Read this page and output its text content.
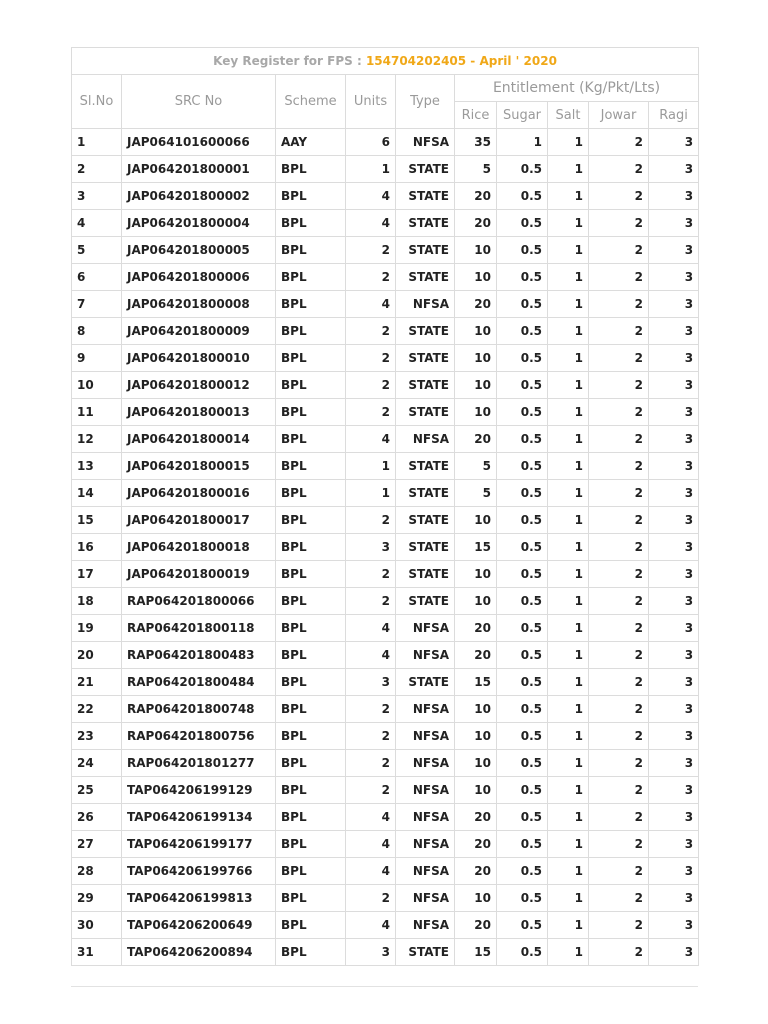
Key Register for FPS : 154704202405 - April ' 2020									
Sl.No	SRC No	Scheme	Units	Type	Entitlement (Kg/Pkt/Lts)				
					Rice	Sugar	Salt	Jowar	Ragi
1	JAP064101600066	AAY	6	NFSA	35	1	1	2	3
2	JAP064201800001	BPL	1	STATE	5	0.5	1	2	3
3	JAP064201800002	BPL	4	STATE	20	0.5	1	2	3
4	JAP064201800004	BPL	4	STATE	20	0.5	1	2	3
5	JAP064201800005	BPL	2	STATE	10	0.5	1	2	3
6	JAP064201800006	BPL	2	STATE	10	0.5	1	2	3
7	JAP064201800008	BPL	4	NFSA	20	0.5	1	2	3
8	JAP064201800009	BPL	2	STATE	10	0.5	1	2	3
9	JAP064201800010	BPL	2	STATE	10	0.5	1	2	3
10	JAP064201800012	BPL	2	STATE	10	0.5	1	2	3
11	JAP064201800013	BPL	2	STATE	10	0.5	1	2	3
12	JAP064201800014	BPL	4	NFSA	20	0.5	1	2	3
13	JAP064201800015	BPL	1	STATE	5	0.5	1	2	3
14	JAP064201800016	BPL	1	STATE	5	0.5	1	2	3
15	JAP064201800017	BPL	2	STATE	10	0.5	1	2	3
16	JAP064201800018	BPL	3	STATE	15	0.5	1	2	3
17	JAP064201800019	BPL	2	STATE	10	0.5	1	2	3
18	RAP064201800066	BPL	2	STATE	10	0.5	1	2	3
19	RAP064201800118	BPL	4	NFSA	20	0.5	1	2	3
20	RAP064201800483	BPL	4	NFSA	20	0.5	1	2	3
21	RAP064201800484	BPL	3	STATE	15	0.5	1	2	3
22	RAP064201800748	BPL	2	NFSA	10	0.5	1	2	3
23	RAP064201800756	BPL	2	NFSA	10	0.5	1	2	3
24	RAP064201801277	BPL	2	NFSA	10	0.5	1	2	3
25	TAP064206199129	BPL	2	NFSA	10	0.5	1	2	3
26	TAP064206199134	BPL	4	NFSA	20	0.5	1	2	3
27	TAP064206199177	BPL	4	NFSA	20	0.5	1	2	3
28	TAP064206199766	BPL	4	NFSA	20	0.5	1	2	3
29	TAP064206199813	BPL	2	NFSA	10	0.5	1	2	3
30	TAP064206200649	BPL	4	NFSA	20	0.5	1	2	3
31	TAP064206200894	BPL	3	STATE	15	0.5	1	2	3
